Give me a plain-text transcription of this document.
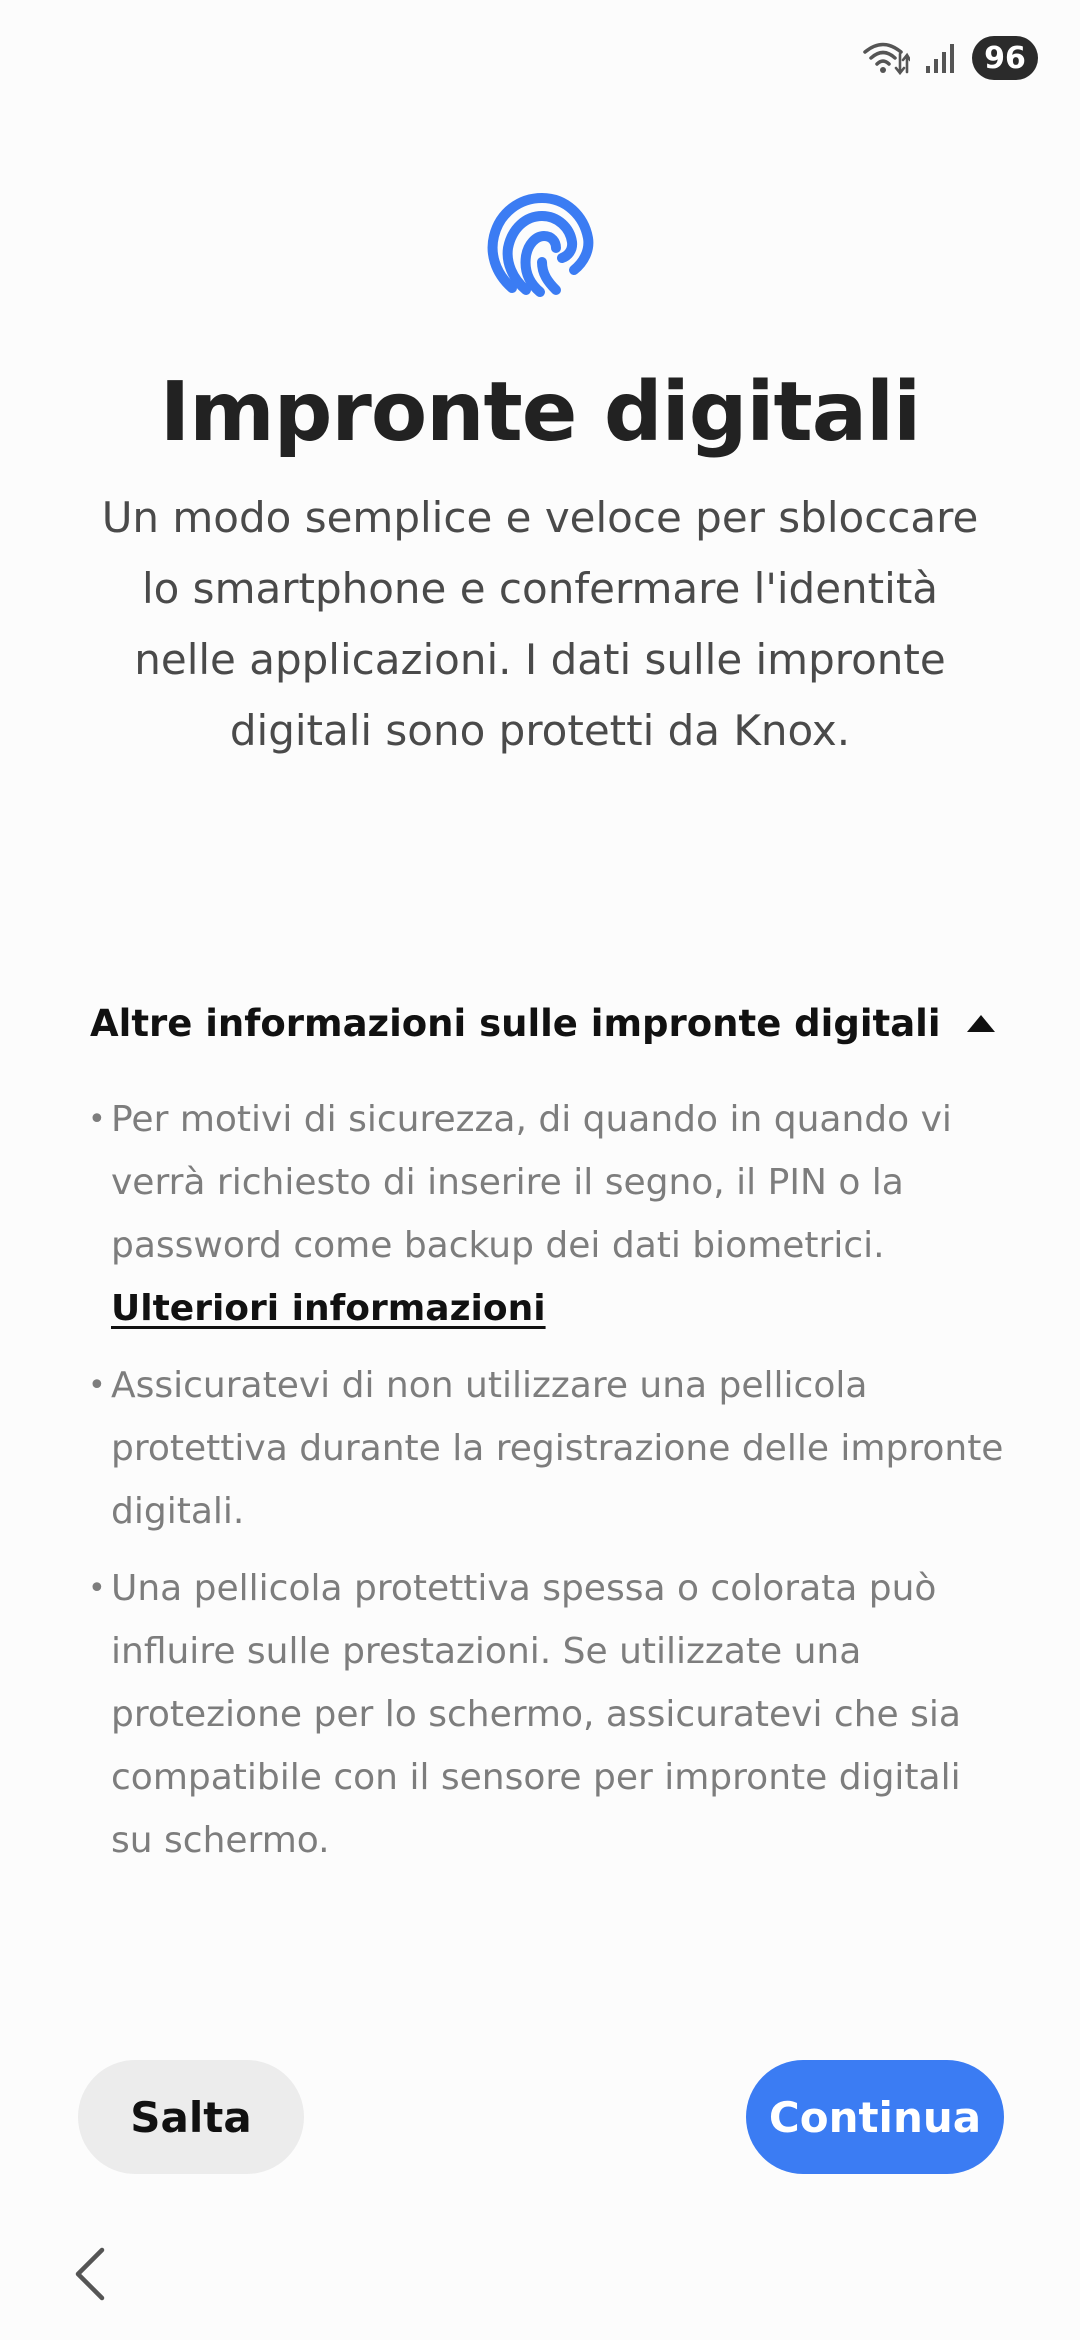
96
Impronte digitali

Un modo semplice e veloce per sbloccare lo smartphone e confermare l'identità nelle applicazioni. I dati sulle impronte digitali sono protetti da Knox.

Altre informazioni sulle impronte digitali
• Per motivi di sicurezza, di quando in quando vi verrà richiesto di inserire il segno, il PIN o la password come backup dei dati biometrici.
Ulteriori informazioni
• Assicuratevi di non utilizzare una pellicola protettiva durante la registrazione delle impronte digitali.
• Una pellicola protettiva spessa o colorata può influire sulle prestazioni. Se utilizzate una protezione per lo schermo, assicuratevi che sia compatibile con il sensore per impronte digitali su schermo.
Salta	Continua
